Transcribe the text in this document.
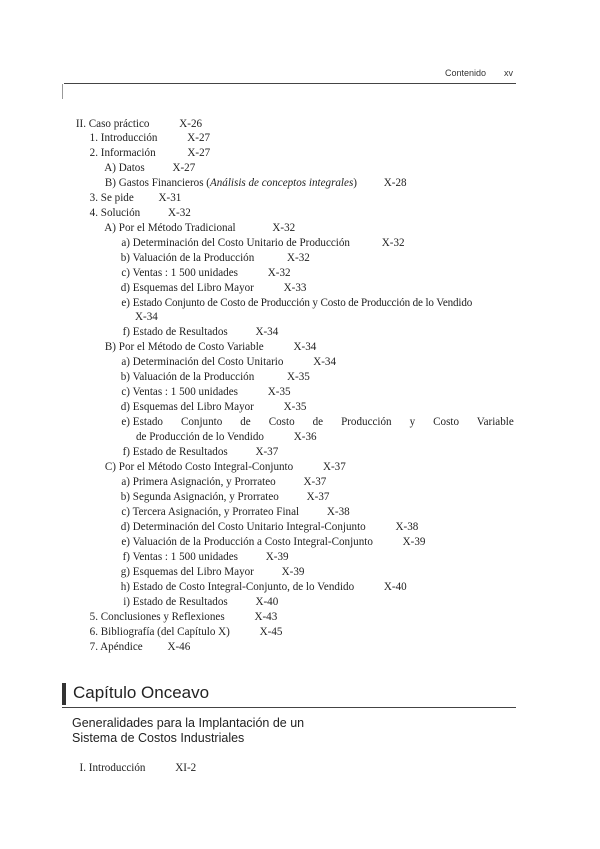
Contenido xv
II. Caso práctico	X-26
1. Introducción	X-27
2. Información	X-27
A) Datos	X-27
B) Gastos Financieros (Análisis de conceptos integrales) X-28
3. Se pide X-31
4. Solución	X-32
A) Por el Método Tradicional	X-32
a) Determinación del Costo Unitario de Producción	X-32
b) Valuación de la Producción	X-32
c) Ventas : 1 500 unidades	X-32
d) Esquemas del Libro Mayor	X-33
e) Estado Conjunto de Costo de Producción y Costo de Producción de lo Vendido
X-34
f) Estado de Resultados	X-34
B) Por el Método de Costo Variable	X-34
a) Determinación del Costo Unitario	X-34
b) Valuación de la Producción	X-35
c) Ventas : 1 500 unidades	X-35
d) Esquemas del Libro Mayor	X-35
e) Estado Conjunto de Costo de Producción y Costo Variable
de Producción de lo Vendido	X-36
f) Estado de Resultados	X-37
C) Por el Método Costo Integral-Conjunto	X-37
a) Primera Asignación, y Prorrateo	X-37
b) Segunda Asignación, y Prorrateo	X-37
c) Tercera Asignación, y Prorrateo Final	X-38
d) Determinación del Costo Unitario Integral-Conjunto	X-38
e) Valuación de la Producción a Costo Integral-Conjunto	X-39
f) Ventas : 1 500 unidades	X-39
g) Esquemas del Libro Mayor	X-39
h) Estado de Costo Integral-Conjunto, de lo Vendido	X-40
i) Estado de Resultados	X-40
5. Conclusiones y Reflexiones	X-43
6. Bibliografía (del Capítulo X)	X-45
7. Apéndice X-46
Capítulo Onceavo
Generalidades para la Implantación de un
Sistema de Costos Industriales
I. Introducción	XI-2
